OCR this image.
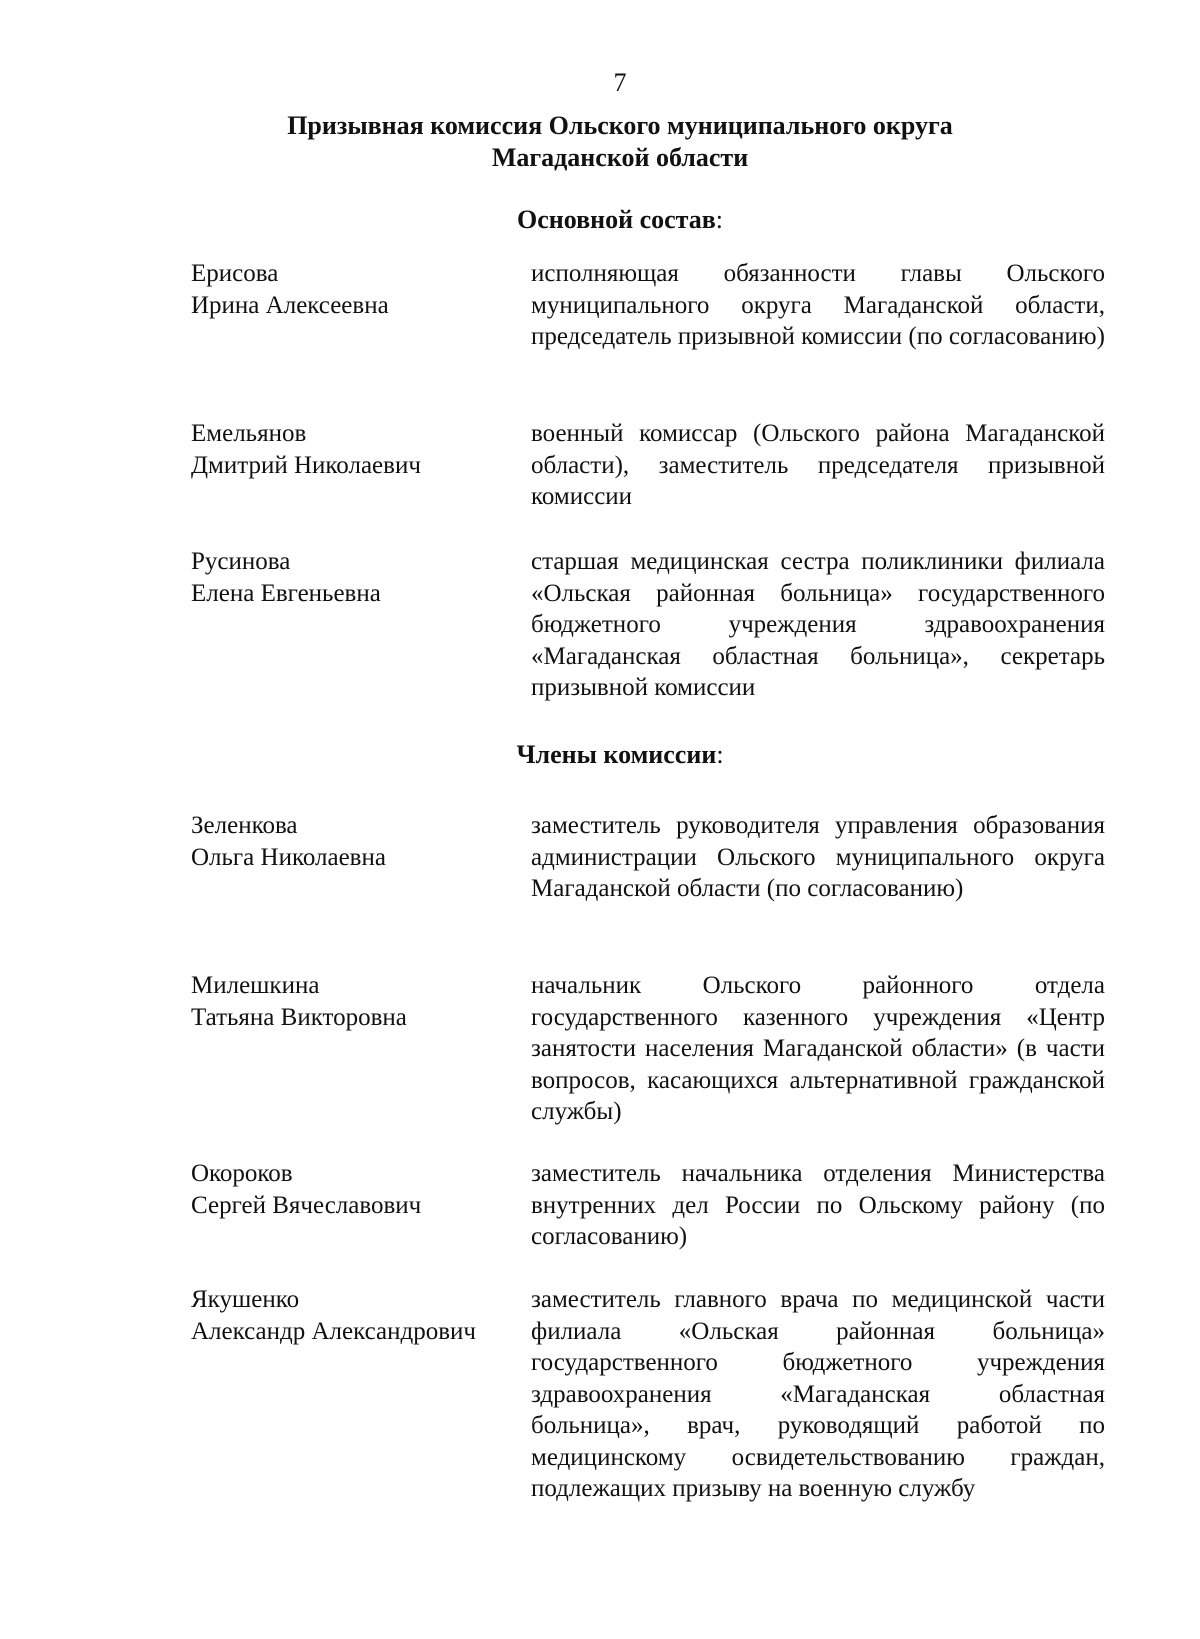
7
Призывная комиссия Ольского муниципального округа
Магаданской области
Основной состав:
Ерисова
Ирина Алексеевна
исполняющая обязанности главы Ольского муниципального округа Магаданской области, председатель призывной комиссии (по согласованию)
Емельянов
Дмитрий Николаевич
военный комиссар (Ольского района Магаданской области), заместитель председателя призывной комиссии
Русинова
Елена Евгеньевна
старшая медицинская сестра поликлиники филиала «Ольская районная больница» государственного бюджетного учреждения здравоохранения «Магаданская областная больница», секретарь призывной комиссии
Члены комиссии:
Зеленкова
Ольга Николаевна
заместитель руководителя управления образования администрации Ольского муниципального округа Магаданской области (по согласованию)
Милешкина
Татьяна Викторовна
начальник Ольского районного отдела государственного казенного учреждения «Центр занятости населения Магаданской области» (в части вопросов, касающихся альтернативной гражданской службы)
Окороков
Сергей Вячеславович
заместитель начальника отделения Министерства внутренних дел России по Ольскому району (по согласованию)
Якушенко
Александр Александрович
заместитель главного врача по медицинской части филиала «Ольская районная больница» государственного бюджетного учреждения здравоохранения «Магаданская областная больница», врач, руководящий работой по медицинскому освидетельствованию граждан, подлежащих призыву на военную службу
